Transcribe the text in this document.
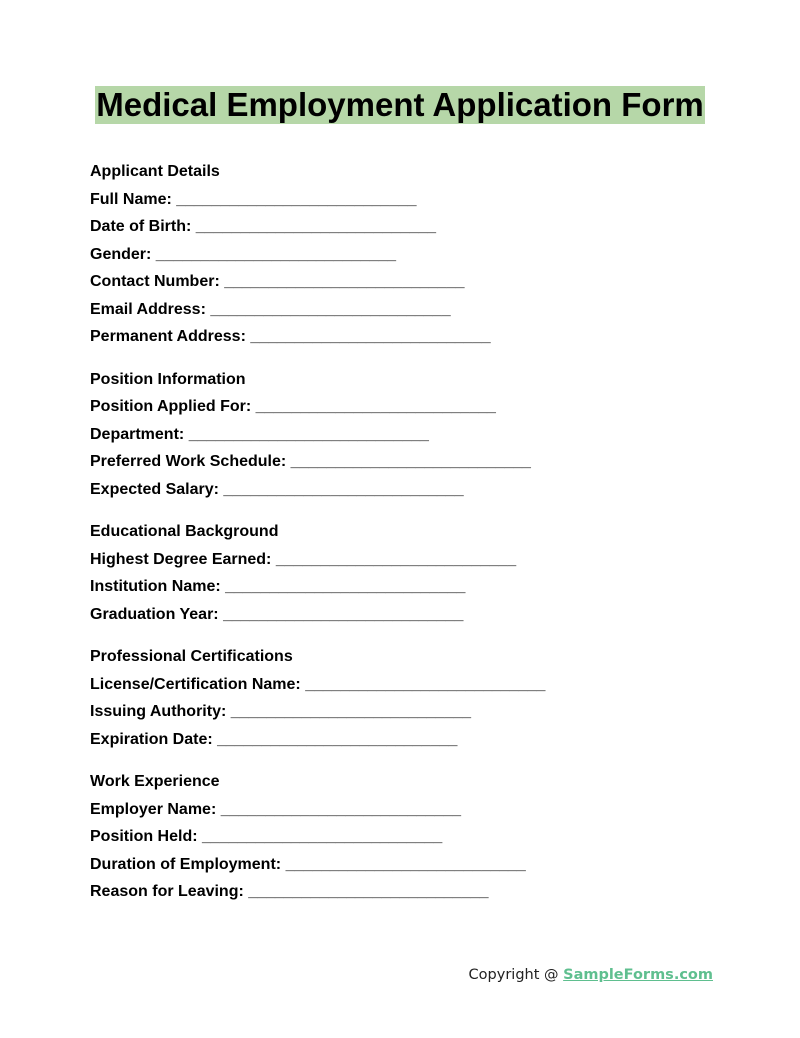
Medical Employment Application Form
Applicant Details
Full Name: ___________________________
Date of Birth: ___________________________
Gender: ___________________________
Contact Number: ___________________________
Email Address: ___________________________
Permanent Address: ___________________________
Position Information
Position Applied For: ___________________________
Department: ___________________________
Preferred Work Schedule: ___________________________
Expected Salary: ___________________________
Educational Background
Highest Degree Earned: ___________________________
Institution Name: ___________________________
Graduation Year: ___________________________
Professional Certifications
License/Certification Name: ___________________________
Issuing Authority: ___________________________
Expiration Date: ___________________________
Work Experience
Employer Name: ___________________________
Position Held: ___________________________
Duration of Employment: ___________________________
Reason for Leaving: ___________________________
Copyright @ SampleForms.com
